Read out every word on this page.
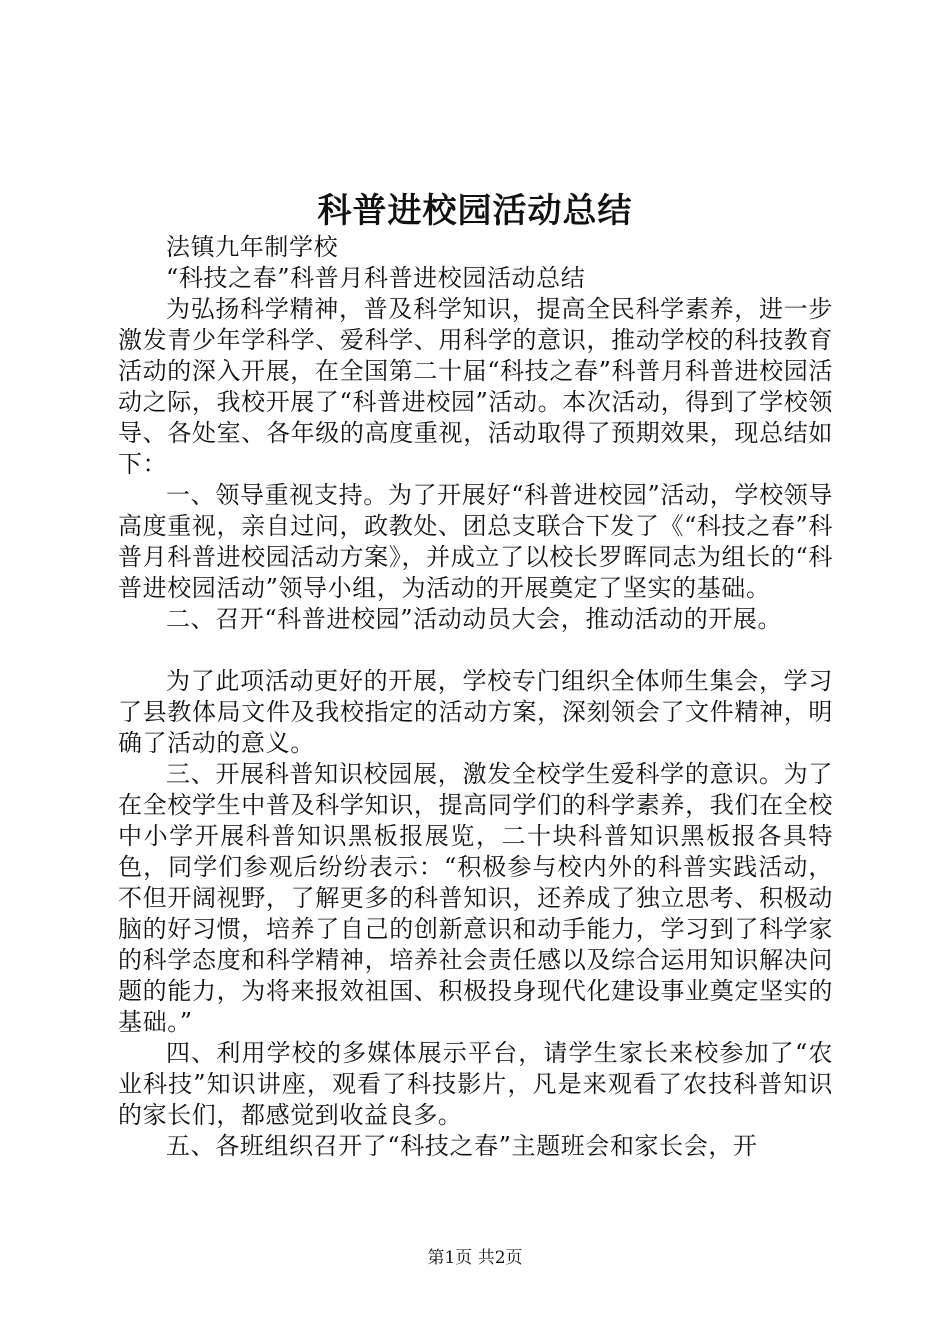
科普进校园活动总结

法镇九年制学校

“科技之春”科普月科普进校园活动总结

为弘扬科学精神，普及科学知识，提高全民科学素养，进一步激发青少年学科学、爱科学、用科学的意识，推动学校的科技教育活动的深入开展，在全国第二十届“科技之春”科普月科普进校园活动之际，我校开展了“科普进校园”活动。本次活动，得到了学校领导、各处室、各年级的高度重视，活动取得了预期效果，现总结如下：

一、领导重视支持。为了开展好“科普进校园”活动，学校领导高度重视，亲自过问，政教处、团总支联合下发了《“科技之春”科普月科普进校园活动方案》，并成立了以校长罗晖同志为组长的“科普进校园活动”领导小组，为活动的开展奠定了坚实的基础。

二、召开“科普进校园”活动动员大会，推动活动的开展。

为了此项活动更好的开展，学校专门组织全体师生集会，学习了县教体局文件及我校指定的活动方案，深刻领会了文件精神，明确了活动的意义。

三、开展科普知识校园展，激发全校学生爱科学的意识。为了在全校学生中普及科学知识，提高同学们的科学素养，我们在全校中小学开展科普知识黑板报展览，二十块科普知识黑板报各具特色，同学们参观后纷纷表示：“积极参与校内外的科普实践活动，不但开阔视野，了解更多的科普知识，还养成了独立思考、积极动脑的好习惯，培养了自己的创新意识和动手能力，学习到了科学家的科学态度和科学精神，培养社会责任感以及综合运用知识解决问题的能力，为将来报效祖国、积极投身现代化建设事业奠定坚实的基础。”

四、利用学校的多媒体展示平台，请学生家长来校参加了“农业科技”知识讲座，观看了科技影片，凡是来观看了农技科普知识的家长们，都感觉到收益良多。

五、各班组织召开了“科技之春”主题班会和家长会，开

第1页 共2页
